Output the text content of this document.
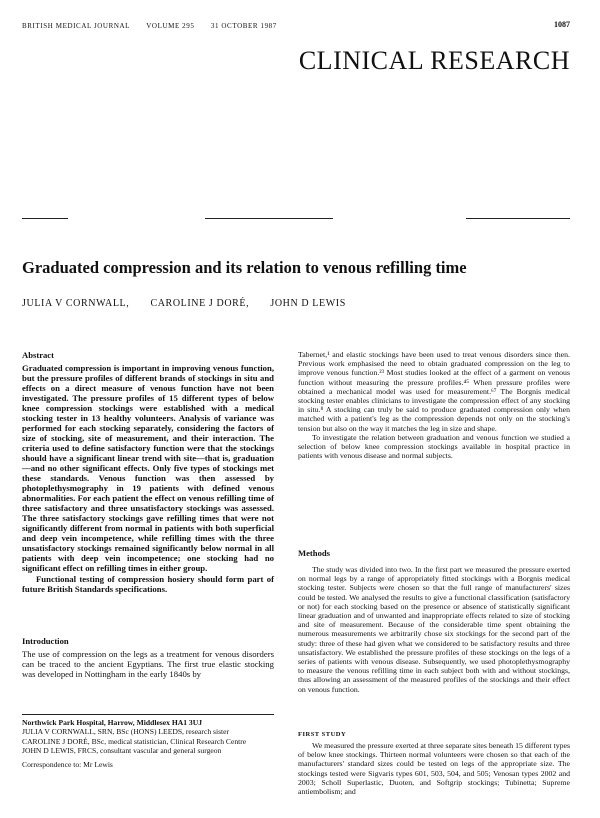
BRITISH MEDICAL JOURNAL VOLUME 295 31 OCTOBER 1987	1087
CLINICAL RESEARCH
Graduated compression and its relation to venous refilling time
JULIA V CORNWALL, CAROLINE J DORÉ, JOHN D LEWIS
Abstract

Graduated compression is important in improving venous function, but the pressure profiles of different brands of stockings in situ and effects on a direct measure of venous function have not been investigated. The pressure profiles of 15 different types of below knee compression stockings were established with a medical stocking tester in 13 healthy volunteers. Analysis of variance was performed for each stocking separately, considering the factors of size of stocking, site of measurement, and their interaction. The criteria used to define satisfactory function were that the stockings should have a significant linear trend with site—that is, graduation—and no other significant effects. Only five types of stockings met these standards. Venous function was then assessed by photoplethysmography in 19 patients with defined venous abnormalities. For each patient the effect on venous refilling time of three satisfactory and three unsatisfactory stockings was assessed. The three satisfactory stockings gave refilling times that were not significantly different from normal in patients with both superficial and deep vein incompetence, while refilling times with the three unsatisfactory stockings remained significantly below normal in all patients with deep vein incompetence; one stocking had no significant effect on refilling times in either group.

Functional testing of compression hosiery should form part of future British Standards specifications.

Introduction

The use of compression on the legs as a treatment for venous disorders can be traced to the ancient Egyptians. The first true elastic stocking was developed in Nottingham in the early 1840s by

Northwick Park Hospital, Harrow, Middlesex HA1 3UJ
JULIA V CORNWALL, SRN, BSc (HONS) LEEDS, research sister
CAROLINE J DORÉ, BSc, medical statistician, Clinical Research Centre
JOHN D LEWIS, FRCS, consultant vascular and general surgeon
Correspondence to: Mr Lewis

Tabernet,¹ and elastic stockings have been used to treat venous disorders since then. Previous work emphasised the need to obtain graduated compression on the leg to improve venous function.²³ Most studies looked at the effect of a garment on venous function without measuring the pressure profiles.⁴⁵ When pressure profiles were obtained a mechanical model was used for measurement.⁶⁷ The Borgnis medical stocking tester enables clinicians to investigate the compression effect of any stocking in situ.⁸ A stocking can truly be said to produce graduated compression only when matched with a patient's leg as the compression depends not only on the stocking's tension but also on the way it matches the leg in size and shape.

To investigate the relation between graduation and venous function we studied a selection of below knee compression stockings available in hospital practice in patients with venous disease and normal subjects.

Methods

The study was divided into two. In the first part we measured the pressure exerted on normal legs by a range of appropriately fitted stockings with a Borgnis medical stocking tester. Subjects were chosen so that the full range of manufacturers' sizes could be tested. We analysed the results to give a functional classification (satisfactory or not) for each stocking based on the presence or absence of statistically significant linear graduation and of unwanted and inappropriate effects related to size of stocking and site of measurement. Because of the considerable time spent obtaining the numerous measurements we arbitrarily chose six stockings for the second part of the study: three of these had given what we considered to be satisfactory results and three unsatisfactory. We established the pressure profiles of these stockings on the legs of a series of patients with venous disease. Subsequently, we used photoplethysmography to measure the venous refilling time in each subject both with and without stockings, thus allowing an assessment of the measured profiles of the stockings and their effect on venous function.

FIRST STUDY

We measured the pressure exerted at three separate sites beneath 15 different types of below knee stockings. Thirteen normal volunteers were chosen so that each of the manufacturers' standard sizes could be tested on legs of the appropriate size. The stockings tested were Sigvaris types 601, 503, 504, and 505; Venosan types 2002 and 2003; Scholl Superlastic, Duoten, and Softgrip stockings; Tubinetta; Supreme antiembolism; and
